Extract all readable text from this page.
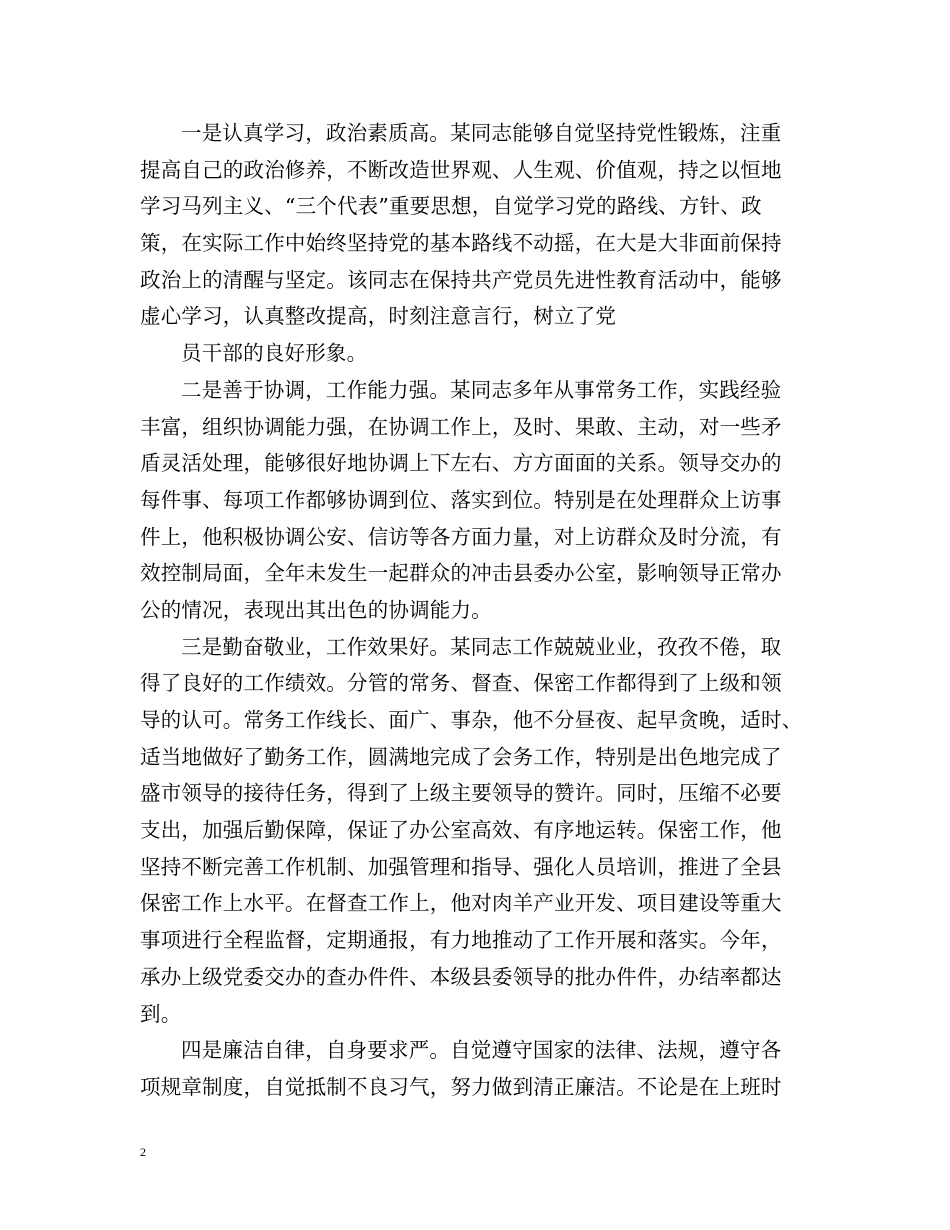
一是认真学习，政治素质高。某同志能够自觉坚持党性锻炼，注重
提高自己的政治修养，不断改造世界观、人生观、价值观，持之以恒地
学习马列主义、“三个代表”重要思想，自觉学习党的路线、方针、政
策，在实际工作中始终坚持党的基本路线不动摇，在大是大非面前保持
政治上的清醒与坚定。该同志在保持共产党员先进性教育活动中，能够
虚心学习，认真整改提高，时刻注意言行，树立了党
员干部的良好形象。
二是善于协调，工作能力强。某同志多年从事常务工作，实践经验
丰富，组织协调能力强，在协调工作上，及时、果敢、主动，对一些矛
盾灵活处理，能够很好地协调上下左右、方方面面的关系。领导交办的
每件事、每项工作都够协调到位、落实到位。特别是在处理群众上访事
件上，他积极协调公安、信访等各方面力量，对上访群众及时分流，有
效控制局面，全年未发生一起群众的冲击县委办公室，影响领导正常办
公的情况，表现出其出色的协调能力。
三是勤奋敬业，工作效果好。某同志工作兢兢业业，孜孜不倦，取
得了良好的工作绩效。分管的常务、督查、保密工作都得到了上级和领
导的认可。常务工作线长、面广、事杂，他不分昼夜、起早贪晚，适时、
适当地做好了勤务工作，圆满地完成了会务工作，特别是出色地完成了
盛市领导的接待任务，得到了上级主要领导的赞许。同时，压缩不必要
支出，加强后勤保障，保证了办公室高效、有序地运转。保密工作，他
坚持不断完善工作机制、加强管理和指导、强化人员培训，推进了全县
保密工作上水平。在督查工作上，他对肉羊产业开发、项目建设等重大
事项进行全程监督，定期通报，有力地推动了工作开展和落实。今年，
承办上级党委交办的查办件件、本级县委领导的批办件件，办结率都达
到。
四是廉洁自律，自身要求严。自觉遵守国家的法律、法规，遵守各
项规章制度，自觉抵制不良习气，努力做到清正廉洁。不论是在上班时
2
